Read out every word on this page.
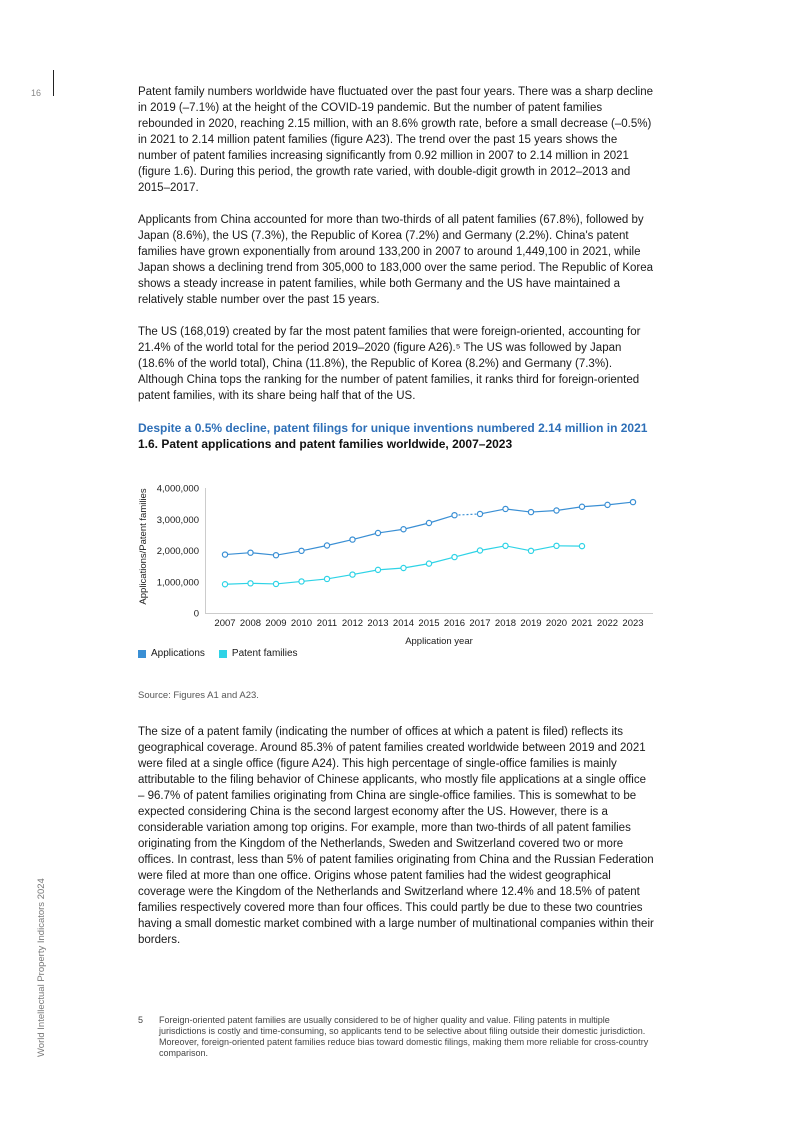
16
World Intellectual Property Indicators 2024

Patent family numbers worldwide have fluctuated over the past four years. There was a sharp decline in 2019 (–7.1%) at the height of the COVID-19 pandemic. But the number of patent families rebounded in 2020, reaching 2.15 million, with an 8.6% growth rate, before a small decrease (–0.5%) in 2021 to 2.14 million patent families (figure A23). The trend over the past 15 years shows the number of patent families increasing significantly from 0.92 million in 2007 to 2.14 million in 2021 (figure 1.6). During this period, the growth rate varied, with double-digit growth in 2012–2013 and 2015–2017.

Applicants from China accounted for more than two-thirds of all patent families (67.8%), followed by Japan (8.6%), the US (7.3%), the Republic of Korea (7.2%) and Germany (2.2%). China's patent families have grown exponentially from around 133,200 in 2007 to around 1,449,100 in 2021, while Japan shows a declining trend from 305,000 to 183,000 over the same period. The Republic of Korea shows a steady increase in patent families, while both Germany and the US have maintained a relatively stable number over the past 15 years.

The US (168,019) created by far the most patent families that were foreign-oriented, accounting for 21.4% of the world total for the period 2019–2020 (figure A26).⁵ The US was followed by Japan (18.6% of the world total), China (11.8%), the Republic of Korea (8.2%) and Germany (7.3%). Although China tops the ranking for the number of patent families, it ranks third for foreign-oriented patent families, with its share being half that of the US.

Despite a 0.5% decline, patent filings for unique inventions numbered 2.14 million in 2021
1.6. Patent applications and patent families worldwide, 2007–2023
0
1,000,000
2,000,000
3,000,000
4,000,000
2007 2008 2009 2010 2011 2012 2013 2014 2015 2016 2017 2018 2019 2020 2021 2022 2023
Applications/Patent families
Application year
Applications	Patent families
Source: Figures A1 and A23.

The size of a patent family (indicating the number of offices at which a patent is filed) reflects its geographical coverage. Around 85.3% of patent families created worldwide between 2019 and 2021 were filed at a single office (figure A24). This high percentage of single-office families is mainly attributable to the filing behavior of Chinese applicants, who mostly file applications at a single office – 96.7% of patent families originating from China are single-office families. This is somewhat to be expected considering China is the second largest economy after the US. However, there is a considerable variation among top origins. For example, more than two-thirds of all patent families originating from the Kingdom of the Netherlands, Sweden and Switzerland covered two or more offices. In contrast, less than 5% of patent families originating from China and the Russian Federation were filed at more than one office. Origins whose patent families had the widest geographical coverage were the Kingdom of the Netherlands and Switzerland where 12.4% and 18.5% of patent families respectively covered more than four offices. This could partly be due to these two countries having a small domestic market combined with a large number of multinational companies within their borders.

5 Foreign-oriented patent families are usually considered to be of higher quality and value. Filing patents in multiple jurisdictions is costly and time-consuming, so applicants tend to be selective about filing outside their domestic jurisdiction. Moreover, foreign-oriented patent families reduce bias toward domestic filings, making them more reliable for cross-country comparison.
